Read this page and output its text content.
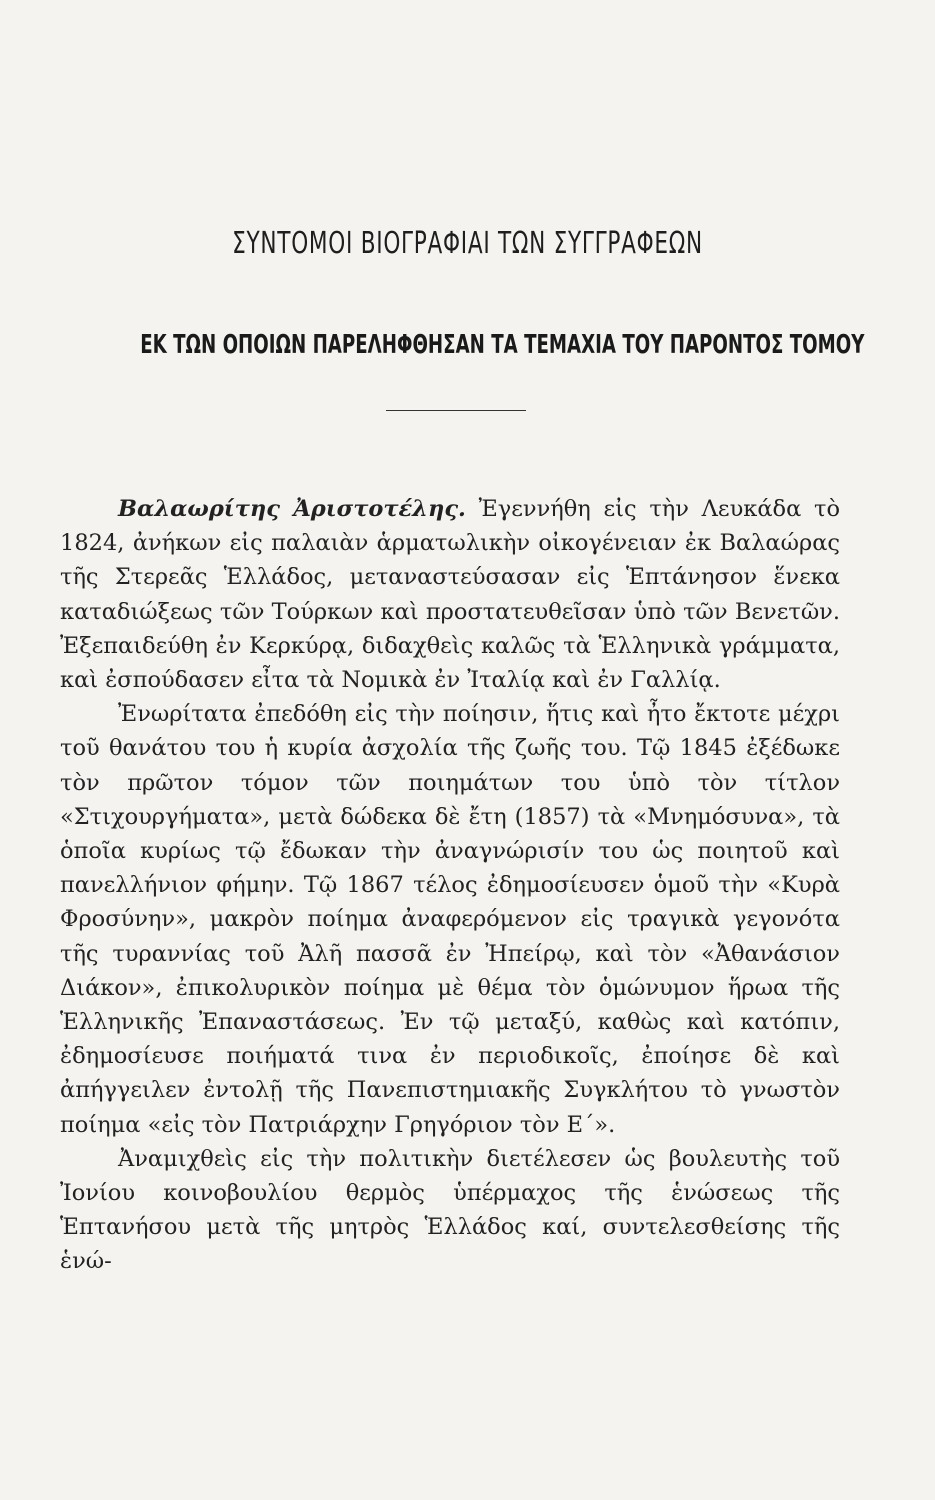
ΣΥΝΤΟΜΟΙ ΒΙΟΓΡΑΦΙΑΙ ΤΩΝ ΣΥΓΓΡΑΦΕΩΝ
ΕΚ ΤΩΝ ΟΠΟΙΩΝ ΠΑΡΕΛΗΦΘΗΣΑΝ ΤΑ ΤΕΜΑΧΙΑ ΤΟΥ ΠΑΡΟΝΤΟΣ ΤΟΜΟΥ

Βαλαωρίτης Ἀριστοτέλης. Ἐγεννήθη εἰς τὴν Λευκάδα τὸ 1824, ἀνήκων εἰς παλαιὰν ἁρματωλικὴν οἰκογένειαν ἐκ Βαλαώρας τῆς Στερεᾶς Ἑλλάδος, μεταναστεύσασαν εἰς Ἑπτάνησον ἕνεκα καταδιώξεως τῶν Τούρκων καὶ προστατευθεῖσαν ὑπὸ τῶν Βενετῶν. Ἐξεπαιδεύθη ἐν Κερκύρᾳ, διδαχθεὶς καλῶς τὰ Ἑλληνικὰ γράμματα, καὶ ἐσπούδασεν εἶτα τὰ Νομικὰ ἐν Ἰταλίᾳ καὶ ἐν Γαλλίᾳ.

Ἐνωρίτατα ἐπεδόθη εἰς τὴν ποίησιν, ἥτις καὶ ἦτο ἔκτοτε μέχρι τοῦ θανάτου του ἡ κυρία ἀσχολία τῆς ζωῆς του. Τῷ 1845 ἐξέδωκε τὸν πρῶτον τόμον τῶν ποιημάτων του ὑπὸ τὸν τίτλον «Στιχουργήματα», μετὰ δώδεκα δὲ ἔτη (1857) τὰ «Μνημόσυνα», τὰ ὁποῖα κυρίως τῷ ἔδωκαν τὴν ἀναγνώρισίν του ὡς ποιητοῦ καὶ πανελλήνιον φήμην. Τῷ 1867 τέλος ἐδημοσίευσεν ὁμοῦ τὴν «Κυρὰ Φροσύνην», μακρὸν ποίημα ἀναφερόμενον εἰς τραγικὰ γεγονότα τῆς τυραννίας τοῦ Ἀλῆ πασσᾶ ἐν Ἠπείρῳ, καὶ τὸν «Ἀθανάσιον Διάκον», ἐπικολυρικὸν ποίημα μὲ θέμα τὸν ὁμώνυμον ἥρωα τῆς Ἑλληνικῆς Ἐπαναστάσεως. Ἐν τῷ μεταξύ, καθὼς καὶ κατόπιν, ἐδημοσίευσε ποιήματά τινα ἐν περιοδικοῖς, ἐποίησε δὲ καὶ ἀπήγγειλεν ἐντολῇ τῆς Πανεπιστημιακῆς Συγκλήτου τὸ γνωστὸν ποίημα «εἰς τὸν Πατριάρχην Γρηγόριον τὸν Ε΄».

Ἀναμιχθεὶς εἰς τὴν πολιτικὴν διετέλεσεν ὡς βουλευτὴς τοῦ Ἰονίου κοινοβουλίου θερμὸς ὑπέρμαχος τῆς ἑνώσεως τῆς Ἑπτανήσου μετὰ τῆς μητρὸς Ἑλλάδος καί, συντελεσθείσης τῆς ἑνώ-
